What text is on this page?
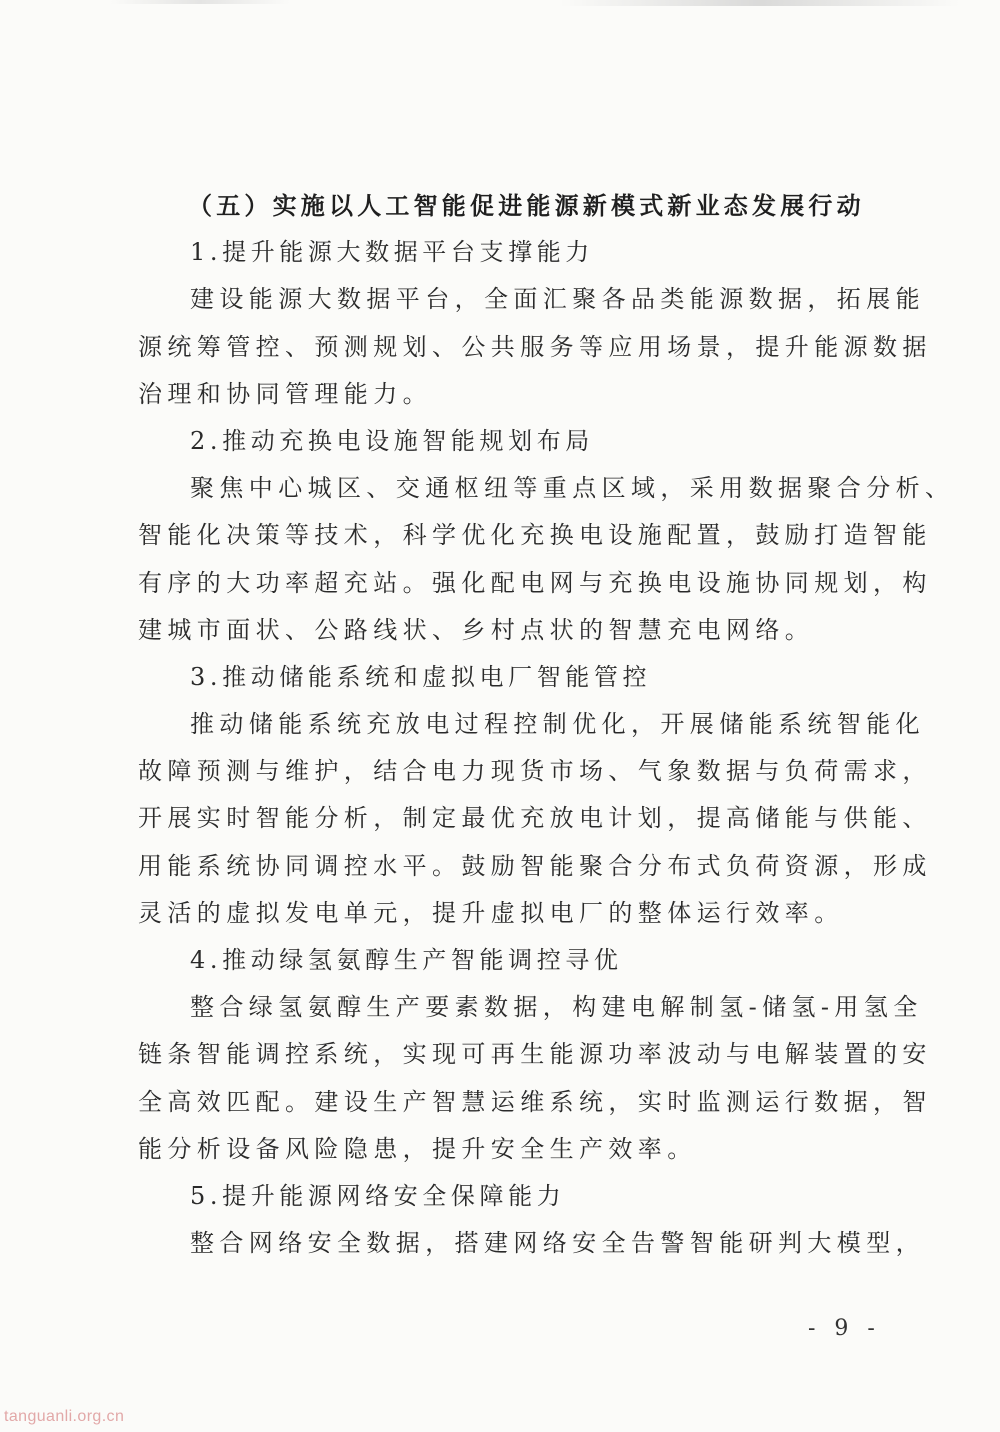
（五）实施以人工智能促进能源新模式新业态发展行动
1.提升能源大数据平台支撑能力
建设能源大数据平台，全面汇聚各品类能源数据，拓展能
源统筹管控、预测规划、公共服务等应用场景，提升能源数据
治理和协同管理能力。
2.推动充换电设施智能规划布局
聚焦中心城区、交通枢纽等重点区域，采用数据聚合分析、
智能化决策等技术，科学优化充换电设施配置，鼓励打造智能
有序的大功率超充站。强化配电网与充换电设施协同规划，构
建城市面状、公路线状、乡村点状的智慧充电网络。
3.推动储能系统和虚拟电厂智能管控
推动储能系统充放电过程控制优化，开展储能系统智能化
故障预测与维护，结合电力现货市场、气象数据与负荷需求，
开展实时智能分析，制定最优充放电计划，提高储能与供能、
用能系统协同调控水平。鼓励智能聚合分布式负荷资源，形成
灵活的虚拟发电单元，提升虚拟电厂的整体运行效率。
4.推动绿氢氨醇生产智能调控寻优
整合绿氢氨醇生产要素数据，构建电解制氢-储氢-用氢全
链条智能调控系统，实现可再生能源功率波动与电解装置的安
全高效匹配。建设生产智慧运维系统，实时监测运行数据，智
能分析设备风险隐患，提升安全生产效率。
5.提升能源网络安全保障能力
整合网络安全数据，搭建网络安全告警智能研判大模型，
- 9 -
tanguanli.org.cn
